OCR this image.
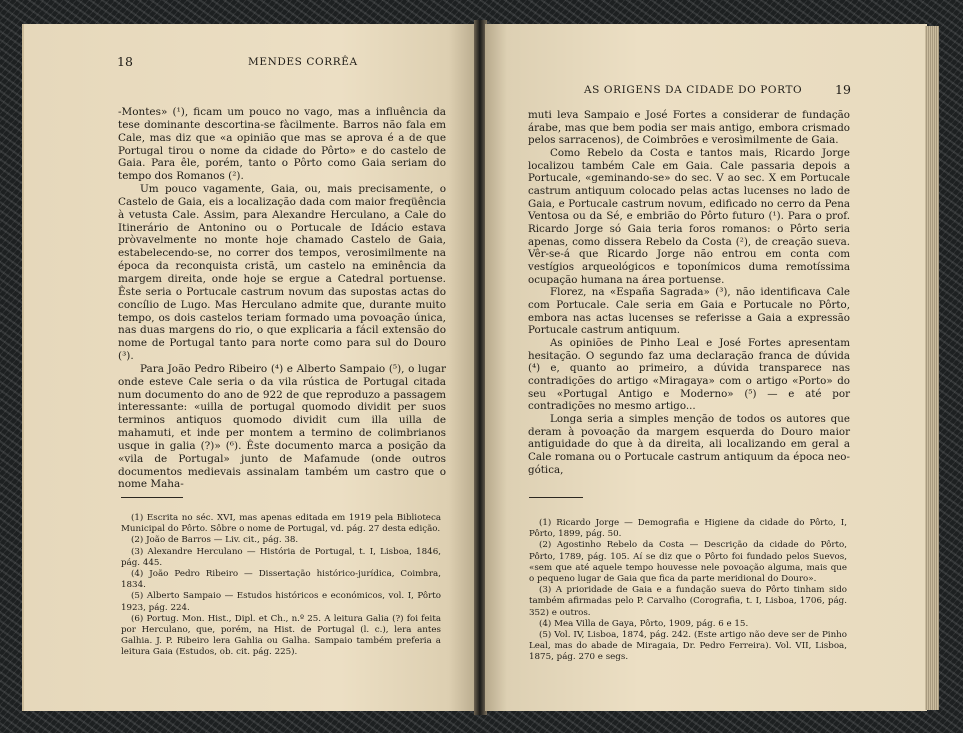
18	MENDES CORRÊA

-Montes» (¹), ficam um pouco no vago, mas a influência da tese dominante descortina-se fàcilmente. Barros não fala em Cale, mas diz que «a opinião que mas se aprova é a de que Portugal tirou o nome da cidade do Pôrto» e do castelo de Gaia. Para êle, porém, tanto o Pôrto como Gaia seriam do tempo dos Romanos (²).

Um pouco vagamente, Gaia, ou, mais precisamente, o Castelo de Gaia, eis a localização dada com maior freqüência à vetusta Cale. Assim, para Alexandre Herculano, a Cale do Itinerário de Antonino ou o Portucale de Idácio estava pròvavelmente no monte hoje chamado Castelo de Gaia, estabelecendo-se, no correr dos tempos, verosimilmente na época da reconquista cristã, um castelo na eminência da margem direita, onde hoje se ergue a Catedral portuense. Êste seria o Portucale castrum novum das supostas actas do concílio de Lugo. Mas Herculano admite que, durante muito tempo, os dois castelos teriam formado uma povoação única, nas duas margens do rio, o que explicaria a fácil extensão do nome de Portugal tanto para norte como para sul do Douro (³).

Para João Pedro Ribeiro (⁴) e Alberto Sampaio (⁵), o lugar onde esteve Cale seria o da vila rústica de Portugal citada num documento do ano de 922 de que reproduzo a passagem interessante: «uilla de portugal quomodo dividit per suos terminos antiquos quomodo dividit cum illa uilla de mahamuti, et inde per montem a termino de colimbrianos usque in galia (?)» (⁶). Êste documento marca a posição da «vila de Portugal» junto de Mafamude (onde outros documentos medievais assinalam também um castro que o nome Maha-

(1) Escrita no séc. XVI, mas apenas editada em 1919 pela Biblioteca Municipal do Pôrto. Sôbre o nome de Portugal, vd. pág. 27 desta edição.

(2) João de Barros — Liv. cit., pág. 38.

(3) Alexandre Herculano — História de Portugal, t. I, Lisboa, 1846, pág. 445.

(4) João Pedro Ribeiro — Dissertação histórico-jurídica, Coimbra, 1834.

(5) Alberto Sampaio — Estudos históricos e económicos, vol. I, Pôrto 1923, pág. 224.

(6) Portug. Mon. Hist., Dipl. et Ch., n.º 25. A leitura Galia (?) foi feita por Herculano, que, porém, na Hist. de Portugal (l. c.), lera antes Galhia. J. P. Ribeiro lera Gahlia ou Galha. Sampaio também preferia a leitura Gaia (Estudos, ob. cit. pág. 225).

AS ORIGENS DA CIDADE DO PORTO	19

muti leva Sampaio e José Fortes a considerar de fundação árabe, mas que bem podia ser mais antigo, embora crismado pelos sarracenos), de Coimbrões e verosìmilmente de Gaia.

Como Rebelo da Costa e tantos mais, Ricardo Jorge localizou também Cale em Gaia. Cale passaria depois a Portucale, «geminando-se» do sec. V ao sec. X em Portucale castrum antiquum colocado pelas actas lucenses no lado de Gaia, e Portucale castrum novum, edificado no cerro da Pena Ventosa ou da Sé, e embrião do Pôrto futuro (¹). Para o prof. Ricardo Jorge só Gaia teria foros romanos: o Pôrto seria apenas, como dissera Rebelo da Costa (²), de creação sueva. Vêr-se-á que Ricardo Jorge não entrou em conta com vestígios arqueológicos e toponímicos duma remotíssima ocupação humana na área portuense.

Florez, na «España Sagrada» (³), não identificava Cale com Portucale. Cale seria em Gaia e Portucale no Pôrto, embora nas actas lucenses se referisse a Gaia a expressão Portucale castrum antiquum.

As opiniões de Pinho Leal e José Fortes apresentam hesitação. O segundo faz uma declaração franca de dúvida (⁴) e, quanto ao primeiro, a dúvida transparece nas contradições do artigo «Miragaya» com o artigo «Porto» do seu «Portugal Antigo e Moderno» (⁵) — e até por contradições no mesmo artigo...

Longa seria a simples menção de todos os autores que deram à povoação da margem esquerda do Douro maior antiguidade do que à da direita, ali localizando em geral a Cale romana ou o Portucale castrum antiquum da época neo-gótica,

(1) Ricardo Jorge — Demografia e Higiene da cidade do Pôrto, I, Pôrto, 1899, pág. 50.

(2) Agostinho Rebelo da Costa — Descrição da cidade do Pôrto, Pôrto, 1789, pág. 105. Aí se diz que o Pôrto foi fundado pelos Suevos, «sem que até aquele tempo houvesse nele povoação alguma, mais que o pequeno lugar de Gaia que fica da parte meridional do Douro».

(3) A prioridade de Gaia e a fundação sueva do Pôrto tinham sido também afirmadas pelo P. Carvalho (Corografia, t. I, Lisboa, 1706, pág. 352) e outros.

(4) Mea Villa de Gaya, Pôrto, 1909, pág. 6 e 15.

(5) Vol. IV, Lisboa, 1874, pág. 242. (Este artigo não deve ser de Pinho Leal, mas do abade de Miragaia, Dr. Pedro Ferreira). Vol. VII, Lisboa, 1875, pág. 270 e segs.
